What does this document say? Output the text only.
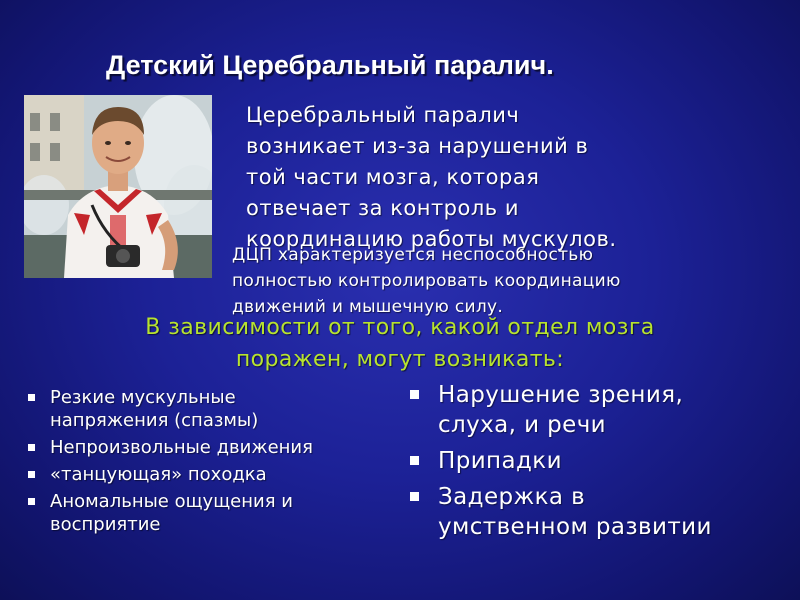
Детский Церебральный паралич.
Церебральный паралич
возникает из-за нарушений в
той части мозга, которая
отвечает за контроль и
координацию работы мускулов.
ДЦП характеризуется неспособностью
полностью контролировать координацию
движений и мышечную силу.
В зависимости от того, какой отдел мозга
поражен, могут возникать:
Резкие мускульные
напряжения (спазмы)
Непроизвольные движения
«танцующая» походка
Аномальные ощущения и
восприятие
Нарушение зрения,
слуха, и речи
Припадки
Задержка в
умственном развитии
